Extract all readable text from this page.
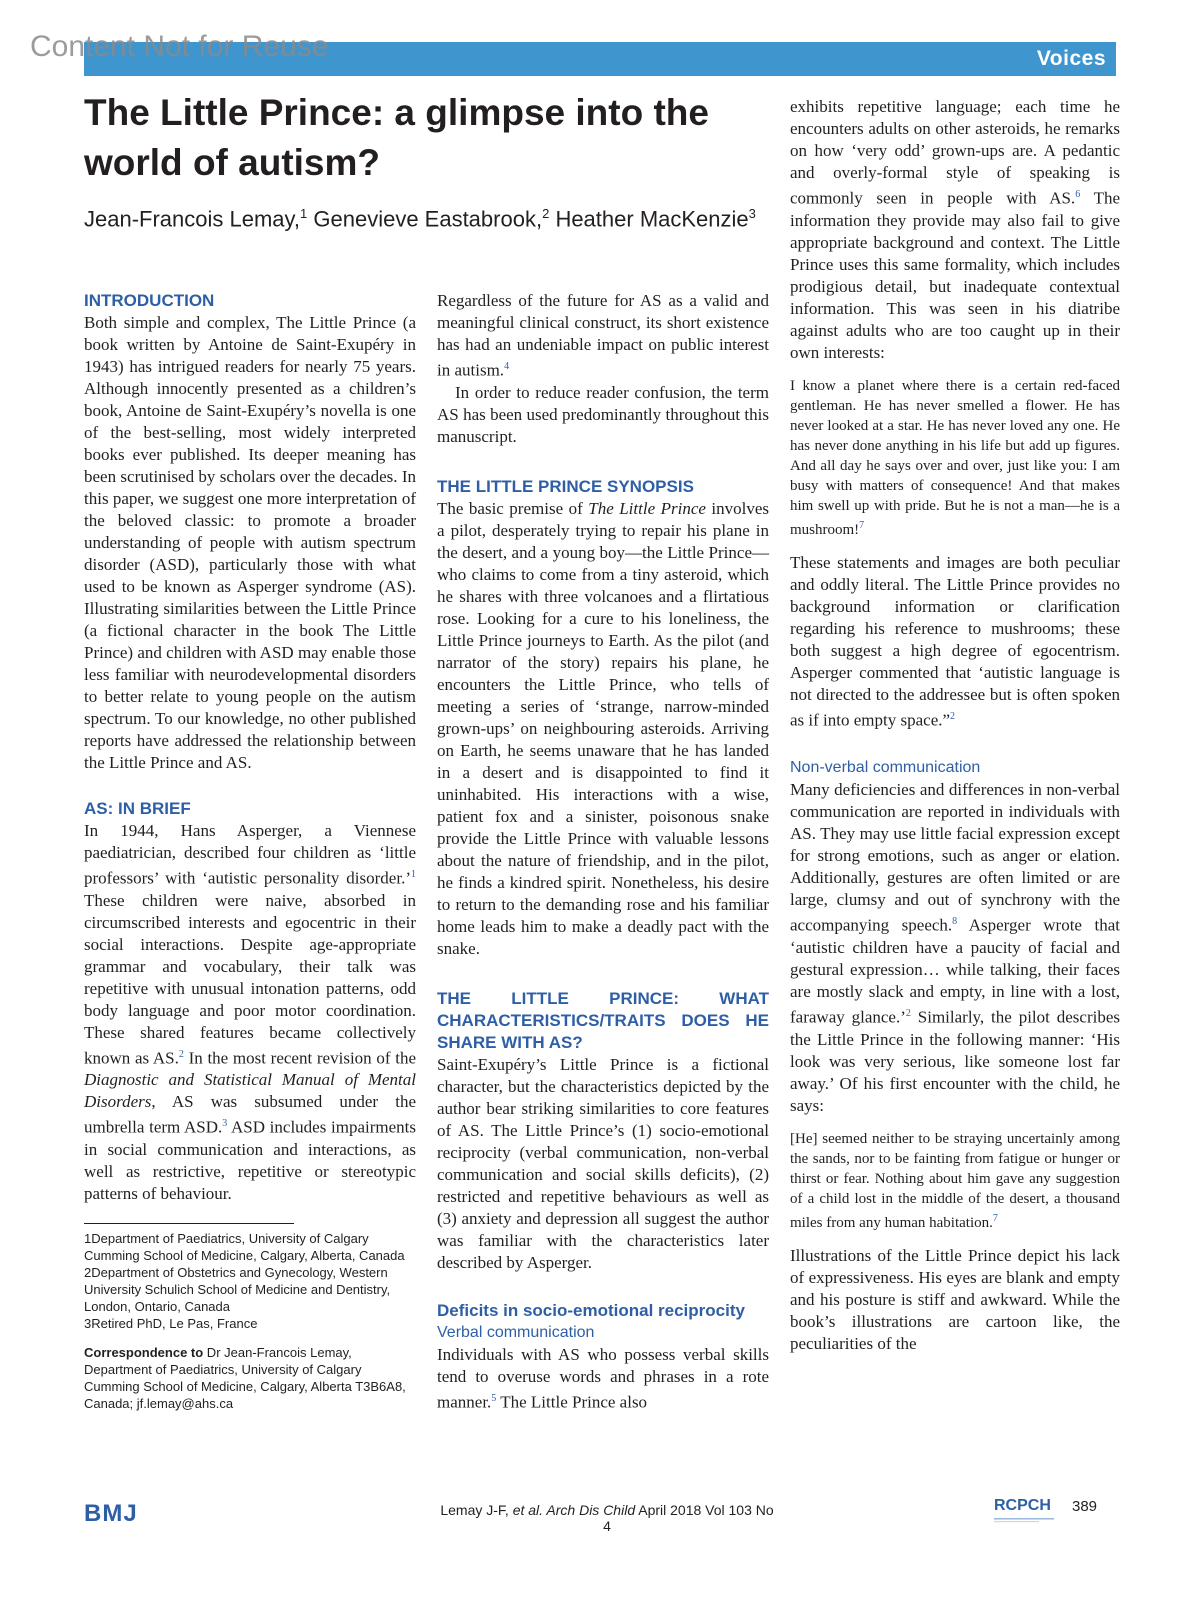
Content Not for Reuse	Voices
The Little Prince: a glimpse into the world of autism?
Jean-Francois Lemay,$^1$ Genevieve Eastabrook,$^2$ Heather MacKenzie$^3$

INTRODUCTION

Both simple and complex, The Little Prince (a book written by Antoine de Saint-Exupéry in 1943) has intrigued readers for nearly 75 years. Although innocently presented as a children’s book, Antoine de Saint-Exupéry’s novella is one of the best-selling, most widely interpreted books ever published. Its deeper meaning has been scrutinised by scholars over the decades. In this paper, we suggest one more interpretation of the beloved classic: to promote a broader understanding of people with autism spectrum disorder (ASD), particularly those with what used to be known as Asperger syndrome (AS). Illustrating similarities between the Little Prince (a fictional character in the book The Little Prince) and children with ASD may enable those less familiar with neurodevelopmental disorders to better relate to young people on the autism spectrum. To our knowledge, no other published reports have addressed the relationship between the Little Prince and AS.

AS: IN BRIEF

In 1944, Hans Asperger, a Viennese paediatrician, described four children as ‘little professors’ with ‘autistic personality disorder.’$^1$ These children were naive, absorbed in circumscribed interests and egocentric in their social interactions. Despite age-appropriate grammar and vocabulary, their talk was repetitive with unusual intonation patterns, odd body language and poor motor coordination. These shared features became collectively known as AS.$^2$ In the most recent revision of the Diagnostic and Statistical Manual of Mental Disorders, AS was subsumed under the umbrella term ASD.$^3$ ASD includes impairments in social communication and interactions, as well as restrictive, repetitive or stereotypic patterns of behaviour.

1Department of Paediatrics, University of Calgary Cumming School of Medicine, Calgary, Alberta, Canada

2Department of Obstetrics and Gynecology, Western University Schulich School of Medicine and Dentistry, London, Ontario, Canada

3Retired PhD, Le Pas, France

Correspondence to Dr Jean-Francois Lemay, Department of Paediatrics, University of Calgary Cumming School of Medicine, Calgary, Alberta T3B6A8, Canada; jf.lemay@ahs.ca

Regardless of the future for AS as a valid and meaningful clinical construct, its short existence has had an undeniable impact on public interest in autism.$^4$

In order to reduce reader confusion, the term AS has been used predominantly throughout this manuscript.

THE LITTLE PRINCE SYNOPSIS

The basic premise of The Little Prince involves a pilot, desperately trying to repair his plane in the desert, and a young boy—the Little Prince—who claims to come from a tiny asteroid, which he shares with three volcanoes and a flirtatious rose. Looking for a cure to his loneliness, the Little Prince journeys to Earth. As the pilot (and narrator of the story) repairs his plane, he encounters the Little Prince, who tells of meeting a series of ‘strange, narrow-minded grown-ups’ on neighbouring asteroids. Arriving on Earth, he seems unaware that he has landed in a desert and is disappointed to find it uninhabited. His interactions with a wise, patient fox and a sinister, poisonous snake provide the Little Prince with valuable lessons about the nature of friendship, and in the pilot, he finds a kindred spirit. Nonetheless, his desire to return to the demanding rose and his familiar home leads him to make a deadly pact with the snake.

THE LITTLE PRINCE: WHAT CHARACTERISTICS/TRAITS DOES HE SHARE WITH AS?

Saint-Exupéry’s Little Prince is a fictional character, but the characteristics depicted by the author bear striking similarities to core features of AS. The Little Prince’s (1) socio-emotional reciprocity (verbal communication, non-verbal communication and social skills deficits), (2) restricted and repetitive behaviours as well as (3) anxiety and depression all suggest the author was familiar with the characteristics later described by Asperger.

Deficits in socio-emotional reciprocity

Verbal communication

Individuals with AS who possess verbal skills tend to overuse words and phrases in a rote manner.$^5$ The Little Prince also

exhibits repetitive language; each time he encounters adults on other asteroids, he remarks on how ‘very odd’ grown-ups are. A pedantic and overly-formal style of speaking is commonly seen in people with AS.$^6$ The information they provide may also fail to give appropriate background and context. The Little Prince uses this same formality, which includes prodigious detail, but inadequate contextual information. This was seen in his diatribe against adults who are too caught up in their own interests:

I know a planet where there is a certain red-faced gentleman. He has never smelled a flower. He has never looked at a star. He has never loved any one. He has never done anything in his life but add up figures. And all day he says over and over, just like you: I am busy with matters of consequence! And that makes him swell up with pride. But he is not a man—he is a mushroom!$^7$

These statements and images are both peculiar and oddly literal. The Little Prince provides no background information or clarification regarding his reference to mushrooms; these both suggest a high degree of egocentrism. Asperger commented that ‘autistic language is not directed to the addressee but is often spoken as if into empty space.”$^2$

Non-verbal communication

Many deficiencies and differences in non-verbal communication are reported in individuals with AS. They may use little facial expression except for strong emotions, such as anger or elation. Additionally, gestures are often limited or are large, clumsy and out of synchrony with the accompanying speech.$^8$ Asperger wrote that ‘autistic children have a paucity of facial and gestural expression… while talking, their faces are mostly slack and empty, in line with a lost, faraway glance.’$^2$ Similarly, the pilot describes the Little Prince in the following manner: ‘His look was very serious, like someone lost far away.’ Of his first encounter with the child, he says:

[He] seemed neither to be straying uncertainly among the sands, nor to be fainting from fatigue or hunger or thirst or fear. Nothing about him gave any suggestion of a child lost in the middle of the desert, a thousand miles from any human habitation.$^7$

Illustrations of the Little Prince depict his lack of expressiveness. His eyes are blank and empty and his posture is stiff and awkward. While the book’s illustrations are cartoon like, the peculiarities of the

BMJ	Lemay J-F, et al. Arch Dis Child April 2018 Vol 103 No 4
RCPCH 389
